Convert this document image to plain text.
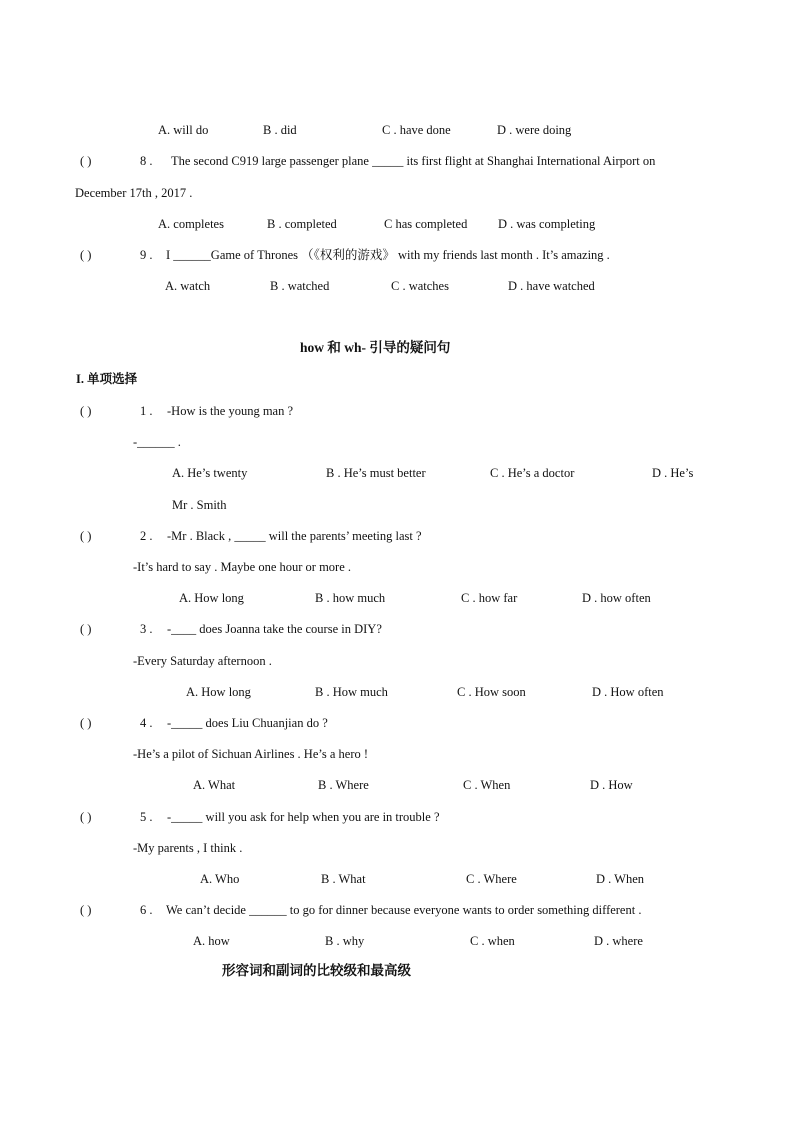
A. will do	B . did	C . have done	D . were doing
( )	8 . The second C919 large passenger plane _____ its first flight at Shanghai International Airport on
December 17th , 2017 .
A. completes	B . completed	C has completed D . was completing
( )	9 . I ______Game of Thrones （《权利的游戏》 with my friends last month . It’s amazing .
A. watch	B . watched	C . watches	D . have watched
how 和 wh- 引导的疑问句
I. 单项选择
( )	1 . -How is the young man ?
-______ .
A. He’s twenty	B . He’s must better	C . He’s a doctor	D . He’s
Mr . Smith
( )	2 . -Mr . Black , _____ will the parents’ meeting last ?
-It’s hard to say . Maybe one hour or more .
A. How long	B . how much	C . how far	D . how often
( )	3 . -____ does Joanna take the course in DIY?
-Every Saturday afternoon .
A. How long	B . How much	C . How soon	D . How often
( )	4 . -_____ does Liu Chuanjian do ?
-He’s a pilot of Sichuan Airlines . He’s a hero !
A. What	B . Where	C . When	D . How
( )	5 . -_____ will you ask for help when you are in trouble ?
-My parents , I think .
A. Who	B . What	C . Where	D . When
( )	6 . We can’t decide ______ to go for dinner because everyone wants to order something different .
A. how	B . why	C . when	D . where
形容词和副词的比较级和最高级
